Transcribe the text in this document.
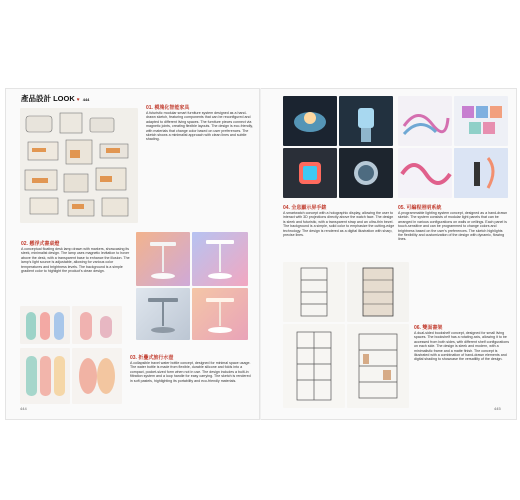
產品設計 LOOK ♥ 444
01. 模塊化智能家具
A futuristic modular smart furniture system designed as a hand-drawn sketch, featuring components that can be reconfigured and adapted to different living spaces. The furniture pieces connect via magnetic joints, creating flexible layouts. The design is eco-friendly, with materials that change color based on user preferences. The sketch shows a minimalist approach with clean lines and subtle shading.
02. 懸浮式書桌燈
A conceptual floating desk lamp drawn with markers, showcasing its sleek, minimalist design. The lamp uses magnetic levitation to hover above the desk, with a transparent base to enhance the illusion. The lamp's light source is adjustable, allowing for various color temperatures and brightness levels. The background is a simple gradient color to highlight the product's clean design.
03. 折疊式旅行水壺
A collapsible travel water bottle concept, designed for minimal space usage. The water bottle is made from flexible, durable silicone and folds into a compact, pocket-sized form when not in use. The design includes a built-in filtration system and a loop handle for easy carrying. The sketch is rendered in soft pastels, highlighting its portability and eco-friendly materials.
444
04. 全息顯示屏手錶
A smartwatch concept with a holographic display, allowing the user to interact with 3D projections directly above the watch face. The design is sleek and futuristic, with a transparent strap and an ultra-thin bezel. The background is a simple, solid color to emphasize the cutting-edge technology. The design is rendered as a digital illustration with sharp, precise lines.
05. 可編程照明系統
A programmable lighting system concept, designed as a hand-drawn sketch. The system consists of modular light panels that can be arranged in various configurations on walls or ceilings. Each panel is touch-sensitive and can be programmed to change colors and brightness based on the user's preferences. The sketch highlights the flexibility and customization of the design with dynamic, flowing lines.
06. 雙面書架
A dual-sided bookshelf concept, designed for small living spaces. The bookshelf has a rotating axis, allowing it to be accessed from both sides, with different shelf configurations on each side. The design is sleek and modern, with a minimalistic frame and a matte finish. The concept is illustrated with a combination of hand-drawn elements and digital shading to showcase the versatility of the design.
445
